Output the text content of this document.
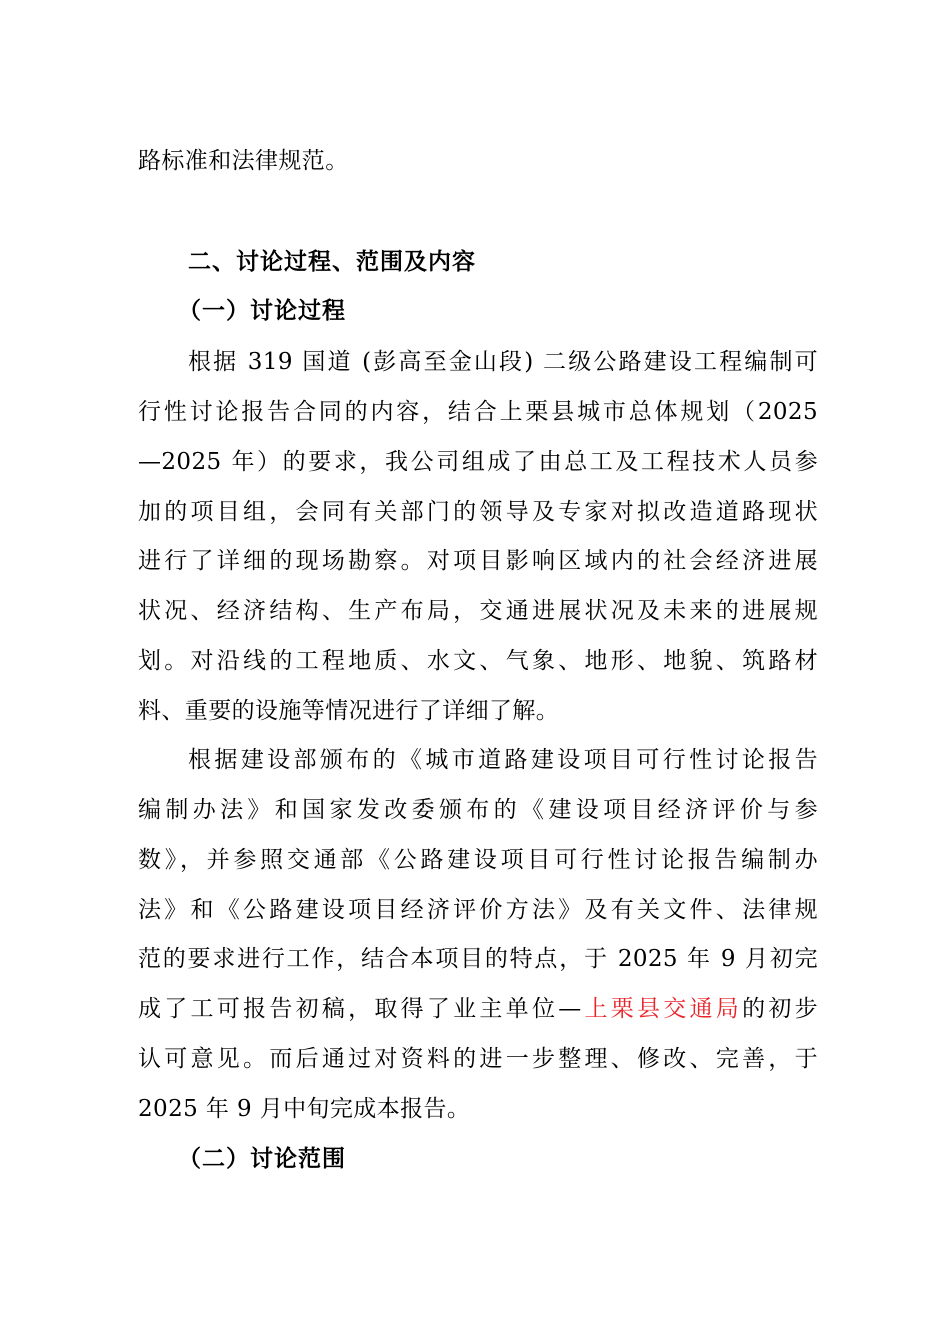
路标准和法律规范。
二、讨论过程、范围及内容
（一）讨论过程
根据 319 国道 (彭高至金山段) 二级公路建设工程编制可
行性讨论报告合同的内容，结合上栗县城市总体规划（2025
—2025 年）的要求，我公司组成了由总工及工程技术人员参
加的项目组，会同有关部门的领导及专家对拟改造道路现状
进行了详细的现场勘察。对项目影响区域内的社会经济进展
状况、经济结构、生产布局，交通进展状况及未来的进展规
划。对沿线的工程地质、水文、气象、地形、地貌、筑路材
料、重要的设施等情况进行了详细了解。
根据建设部颁布的《城市道路建设项目可行性讨论报告
编制办法》和国家发改委颁布的《建设项目经济评价与参
数》，并参照交通部《公路建设项目可行性讨论报告编制办
法》和《公路建设项目经济评价方法》及有关文件、法律规
范的要求进行工作，结合本项目的特点，于 2025 年 9 月初完
成了工可报告初稿，取得了业主单位—上栗县交通局的初步
认可意见。而后通过对资料的进一步整理、修改、完善，于
2025 年 9 月中旬完成本报告。
（二）讨论范围
